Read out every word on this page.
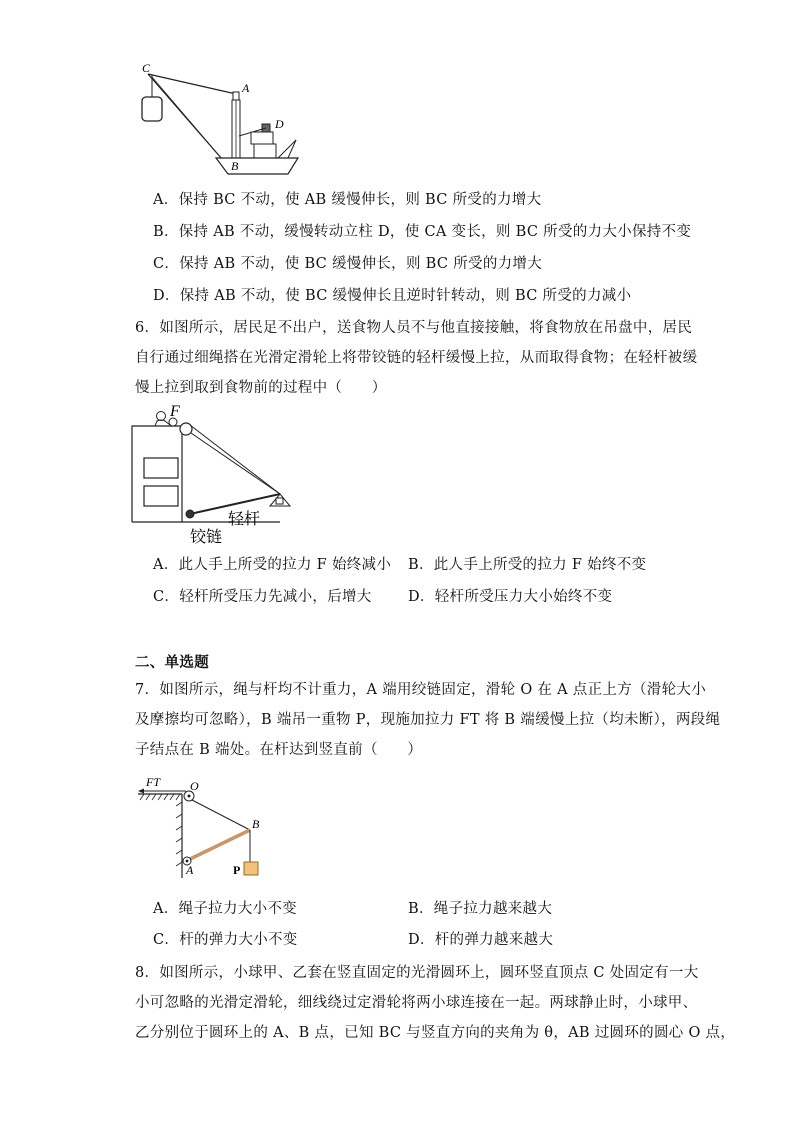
C
A
D
B
A．保持 BC 不动，使 AB 缓慢伸长，则 BC 所受的力增大
B．保持 AB 不动，缓慢转动立柱 D，使 CA 变长，则 BC 所受的力大小保持不变
C．保持 AB 不动，使 BC 缓慢伸长，则 BC 所受的力增大
D．保持 AB 不动，使 BC 缓慢伸长且逆时针转动，则 BC 所受的力减小
6．如图所示，居民足不出户，送食物人员不与他直接接触，将食物放在吊盘中，居民
自行通过细绳搭在光滑定滑轮上将带铰链的轻杆缓慢上拉，从而取得食物；在轻杆被缓
慢上拉到取到食物前的过程中（　　）
F
轻杆
铰链
A．此人手上所受的拉力 F 始终减小 B．此人手上所受的拉力 F 始终不变
C．轻杆所受压力先减小，后增大	D．轻杆所受压力大小始终不变
二、单选题
7．如图所示，绳与杆均不计重力，A 端用绞链固定，滑轮 O 在 A 点正上方（滑轮大小
及摩擦均可忽略），B 端吊一重物 P，现施加拉力 FT 将 B 端缓慢上拉（均未断），两段绳
子结点在 B 端处。在杆达到竖直前（　　）
FT O
B
A	P
A．绳子拉力大小不变	B．绳子拉力越来越大
C．杆的弹力大小不变	D．杆的弹力越来越大
8．如图所示，小球甲、乙套在竖直固定的光滑圆环上，圆环竖直顶点 C 处固定有一大
小可忽略的光滑定滑轮，细线绕过定滑轮将两小球连接在一起。两球静止时，小球甲、
乙分别位于圆环上的 A、B 点，已知 BC 与竖直方向的夹角为 θ，AB 过圆环的圆心 O 点，
